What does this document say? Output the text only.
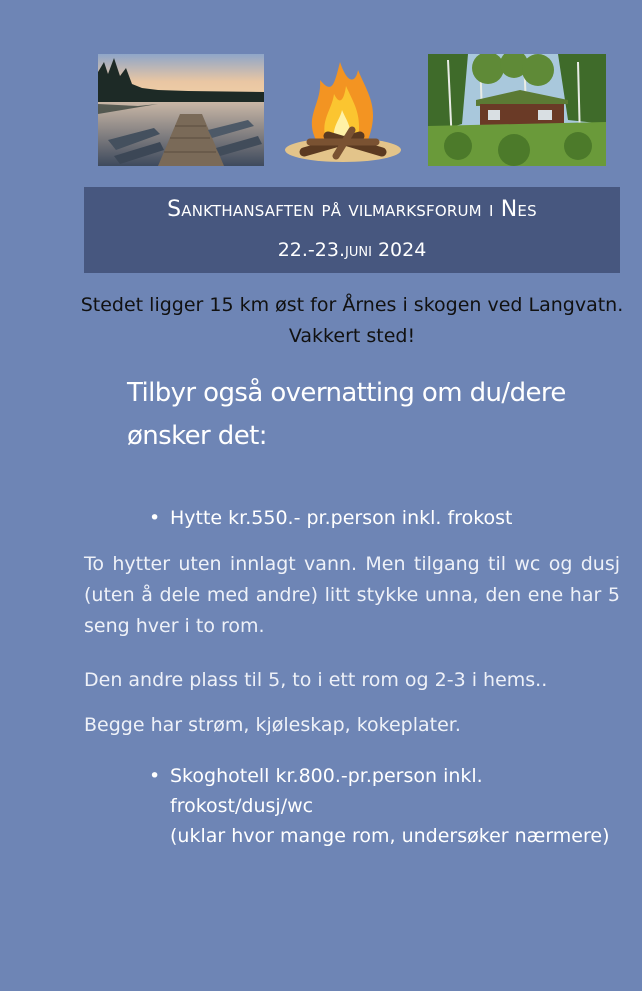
Sankthansaften på vilmarksforum i Nes
22.-23.juni 2024
Stedet ligger 15 km øst for Årnes i skogen ved Langvatn. Vakkert sted!
Tilbyr også overnatting om du/dere ønsker det:
• Hytte kr.550.- pr.person inkl. frokost
To hytter uten innlagt vann. Men tilgang til wc og dusj (uten å dele med andre) litt stykke unna, den ene har 5 seng hver i to rom.
Den andre plass til 5, to i ett rom og 2-3 i hems..
Begge har strøm, kjøleskap, kokeplater.
• Skoghotell kr.800.-pr.person inkl. frokost/dusj/wc
(uklar hvor mange rom, undersøker nærmere)
